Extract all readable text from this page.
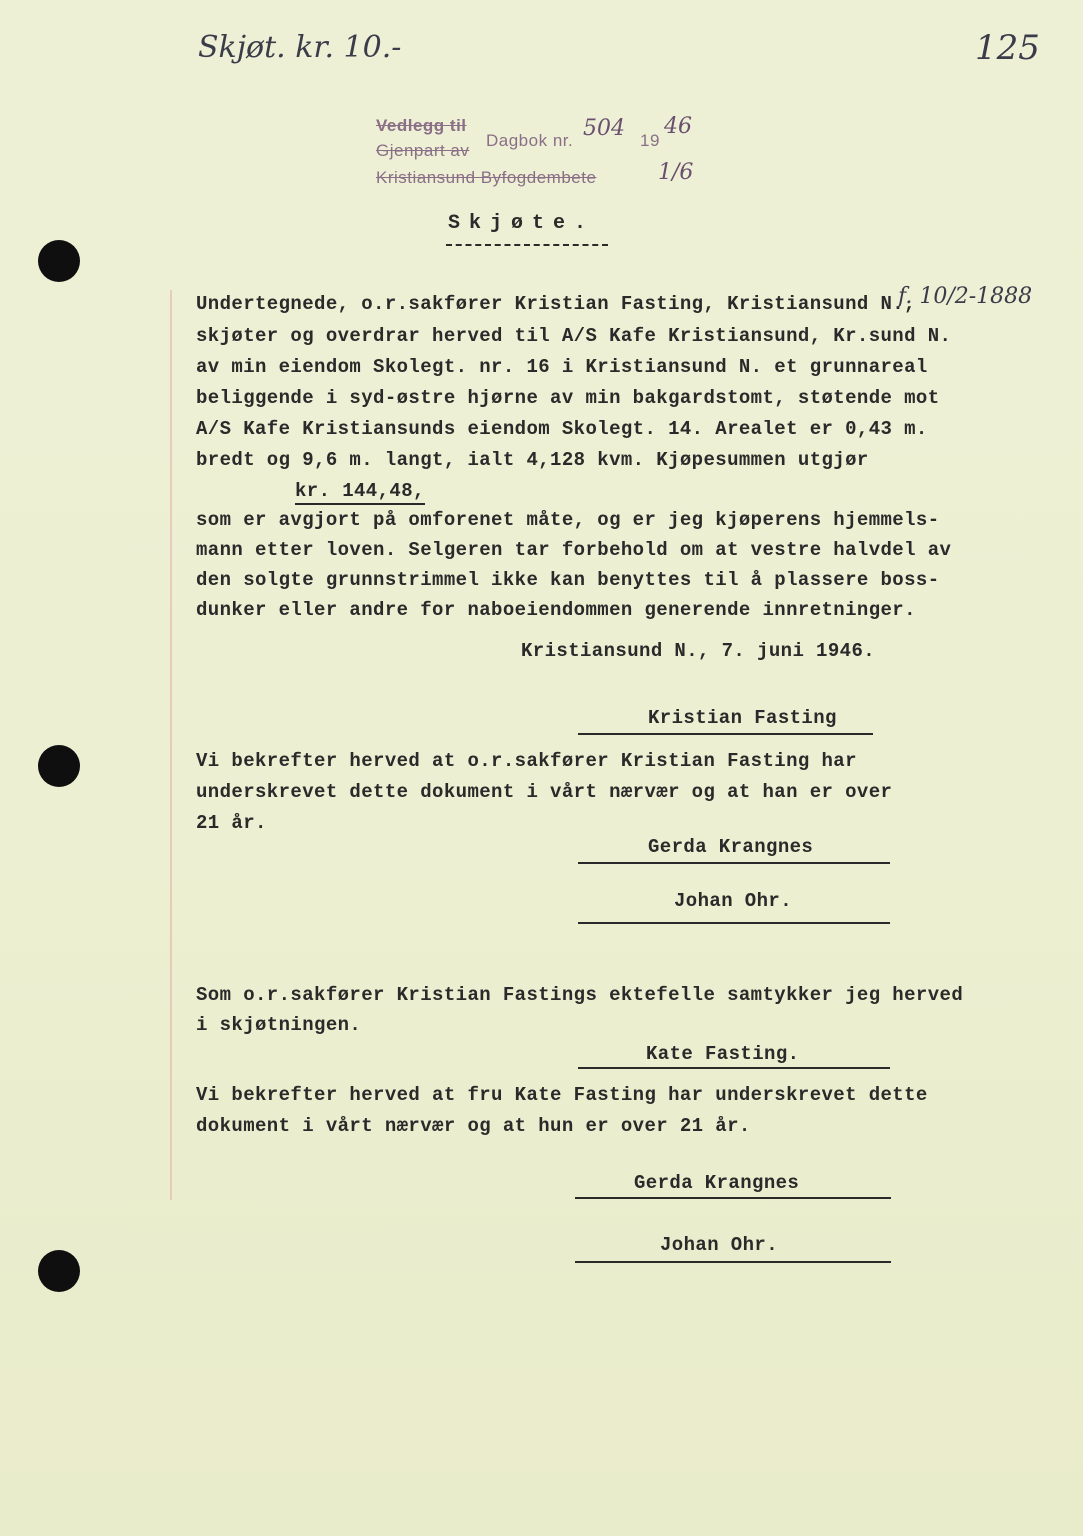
Skjøt. kr. 10.-	125
Vedlegg til
Dagbok nr. 504 19
46
Gjenpart av
Kristiansund Byfogdembete	1/6
Skjøte.
Undertegnede, o.r.sakfører Kristian Fasting, Kristiansund N.,
f. 10/2-1888
skjøter og overdrar herved til A/S Kafe Kristiansund, Kr.sund N.
av min eiendom Skolegt. nr. 16 i Kristiansund N. et grunnareal
beliggende i syd-østre hjørne av min bakgardstomt, støtende mot
A/S Kafe Kristiansunds eiendom Skolegt. 14. Arealet er 0,43 m.
bredt og 9,6 m. langt, ialt 4,128 kvm. Kjøpesummen utgjør
kr. 144,48,
som er avgjort på omforenet måte, og er jeg kjøperens hjemmels-
mann etter loven. Selgeren tar forbehold om at vestre halvdel av
den solgte grunnstrimmel ikke kan benyttes til å plassere boss-
dunker eller andre for naboeiendommen generende innretninger.
Kristiansund N., 7. juni 1946.
Kristian Fasting
Vi bekrefter herved at o.r.sakfører Kristian Fasting har
underskrevet dette dokument i vårt nærvær og at han er over
21 år.
Gerda Krangnes
Johan Ohr.
Som o.r.sakfører Kristian Fastings ektefelle samtykker jeg herved
i skjøtningen.
Kate Fasting.
Vi bekrefter herved at fru Kate Fasting har underskrevet dette
dokument i vårt nærvær og at hun er over 21 år.
Gerda Krangnes
Johan Ohr.
